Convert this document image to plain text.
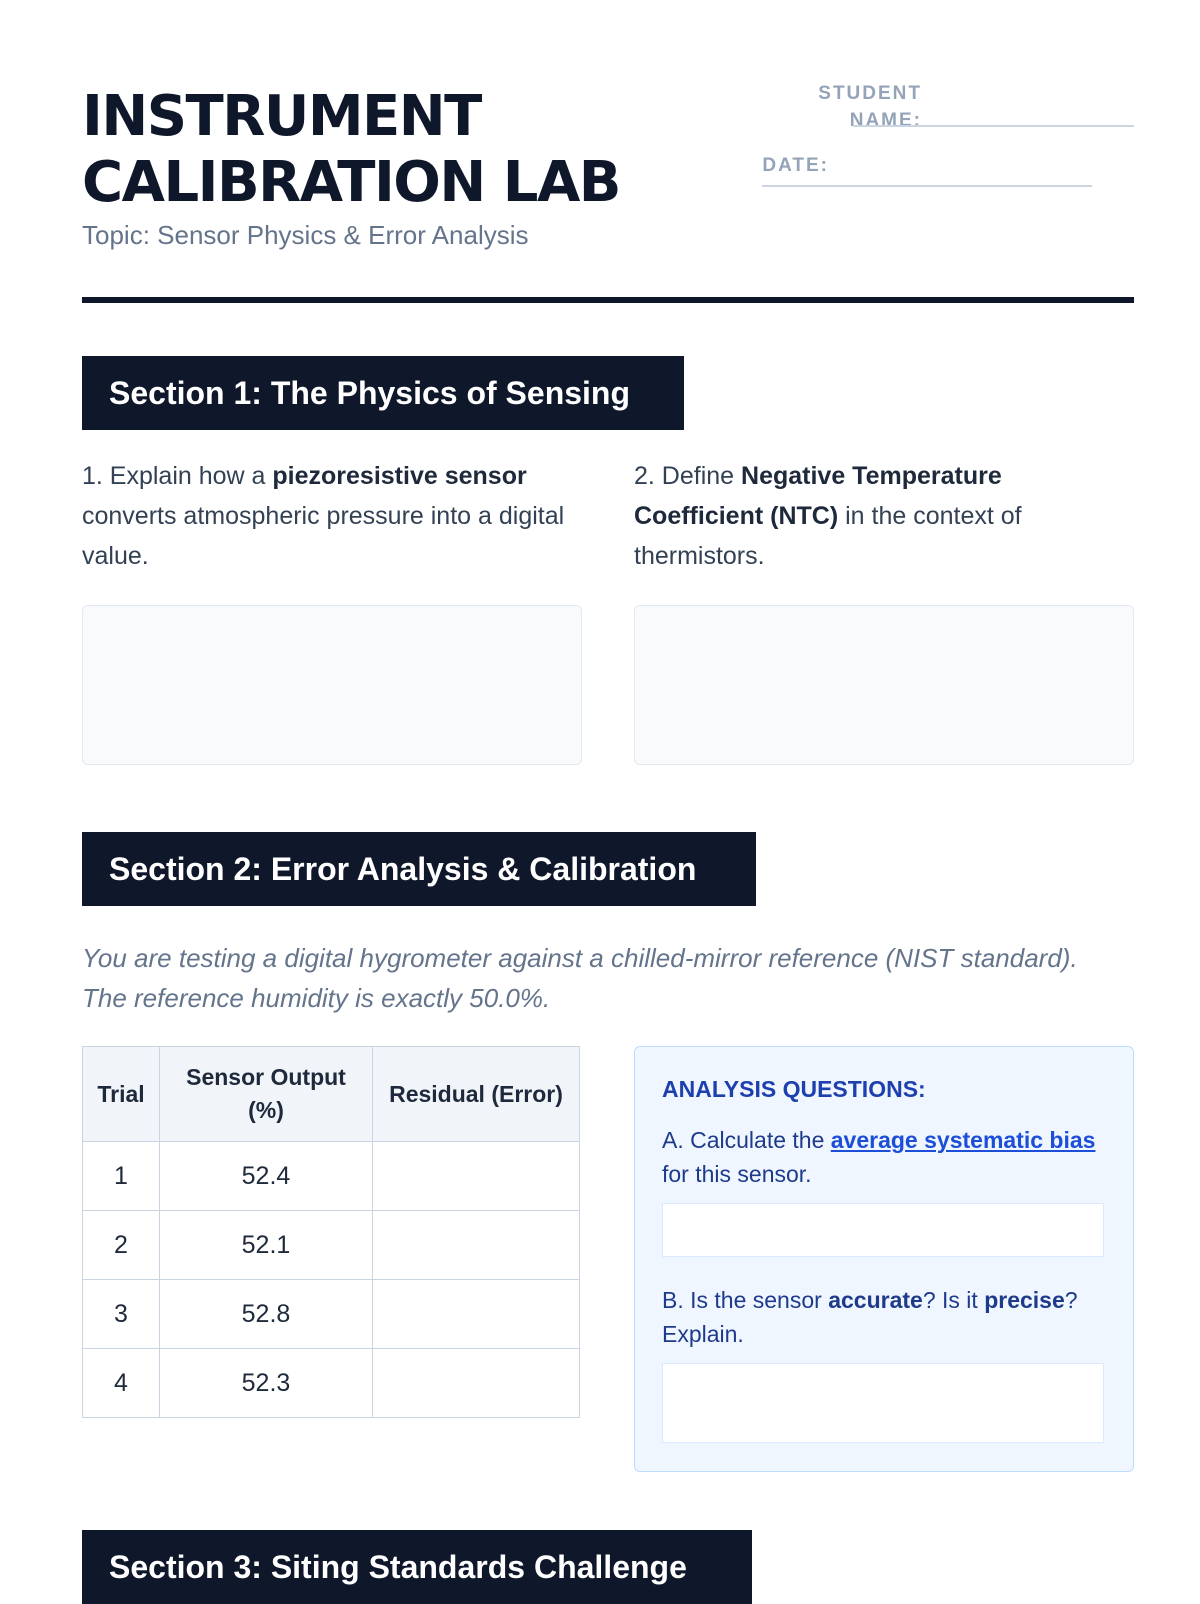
INSTRUMENT
CALIBRATION LAB
Topic: Sensor Physics & Error Analysis
STUDENT
NAME:
DATE:
Section 1: The Physics of Sensing
1. Explain how a piezoresistive sensor converts atmospheric pressure into a digital value.
2. Define Negative Temperature Coefficient (NTC) in the context of thermistors.
Section 2: Error Analysis & Calibration
You are testing a digital hygrometer against a chilled-mirror reference (NIST standard). The reference humidity is exactly 50.0%.
Trial	Sensor Output (%)	Residual (Error)
1	52.4	
2	52.1	
3	52.8	
4	52.3	
ANALYSIS QUESTIONS:
A. Calculate the average systematic bias for this sensor.
B. Is the sensor accurate? Is it precise? Explain.
Section 3: Siting Standards Challenge
